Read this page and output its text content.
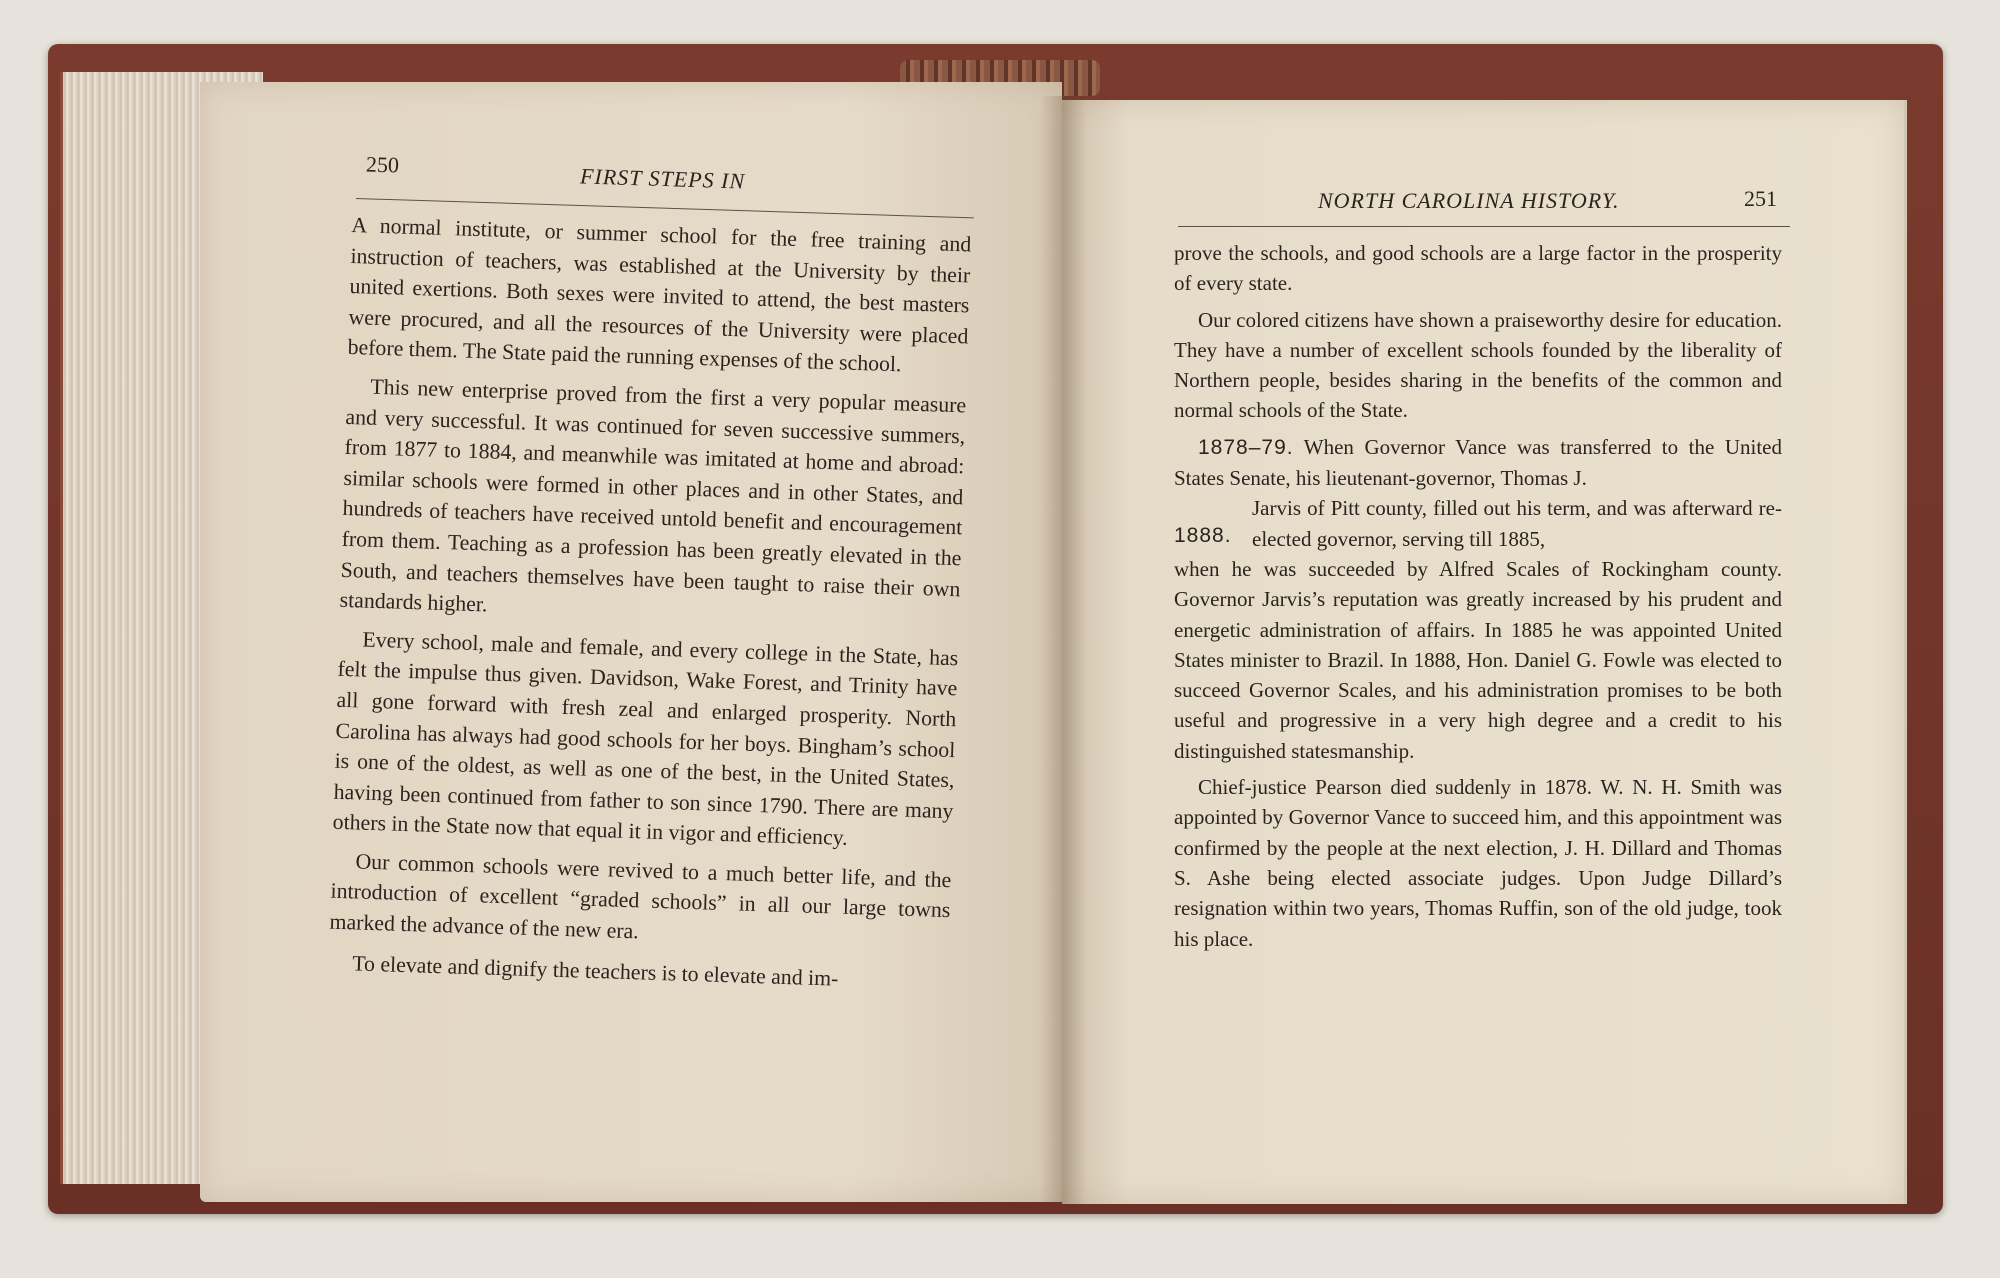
250	FIRST STEPS IN

A normal institute, or summer school for the free training and instruction of teachers, was established at the University by their united exertions. Both sexes were invited to attend, the best masters were procured, and all the resources of the University were placed before them. The State paid the running expenses of the school.

This new enterprise proved from the first a very popular measure and very successful. It was continued for seven successive summers, from 1877 to 1884, and meanwhile was imitated at home and abroad: similar schools were formed in other places and in other States, and hundreds of teachers have received untold benefit and encouragement from them. Teaching as a profession has been greatly elevated in the South, and teachers themselves have been taught to raise their own standards higher.

Every school, male and female, and every college in the State, has felt the impulse thus given. Davidson, Wake Forest, and Trinity have all gone forward with fresh zeal and enlarged prosperity. North Carolina has always had good schools for her boys. Bingham’s school is one of the oldest, as well as one of the best, in the United States, having been continued from father to son since 1790. There are many others in the State now that equal it in vigor and efficiency.

Our common schools were revived to a much better life, and the introduction of excellent “graded schools” in all our large towns marked the advance of the new era.

To elevate and dignify the teachers is to elevate and im-

NORTH CAROLINA HISTORY.	251

prove the schools, and good schools are a large factor in the prosperity of every state.

Our colored citizens have shown a praiseworthy desire for education. They have a number of excellent schools founded by the liberality of Northern people, besides sharing in the benefits of the common and normal schools of the State.

1878–79. When Governor Vance was transferred to the United States Senate, his lieutenant-governor, Thomas J.

Jarvis of Pitt county, filled out his term, and was afterward re-elected governor, serving till 1885,

when he was succeeded by Alfred Scales of Rockingham county. Governor Jarvis’s reputation was greatly increased by his prudent and energetic administration of affairs. In 1885 he was appointed United States minister to Brazil. In 1888, Hon. Daniel G. Fowle was elected to succeed Governor Scales, and his administration promises to be both useful and progressive in a very high degree and a credit to his distinguished statesmanship.

Chief-justice Pearson died suddenly in 1878. W. N. H. Smith was appointed by Governor Vance to succeed him, and this appointment was confirmed by the people at the next election, J. H. Dillard and Thomas S. Ashe being elected associate judges. Upon Judge Dillard’s resignation within two years, Thomas Ruffin, son of the old judge, took his place.

1888.
